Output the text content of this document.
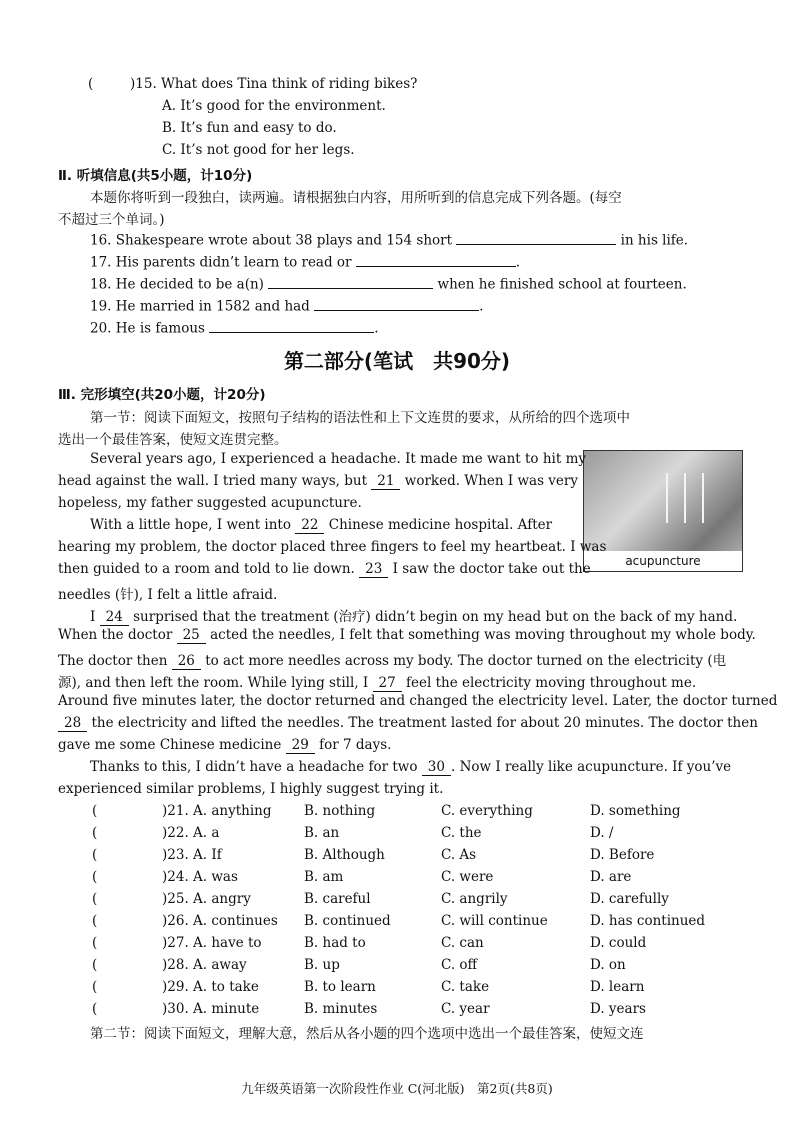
(	)15. What does Tina think of riding bikes?
A. It’s good for the environment.
B. It’s fun and easy to do.
C. It’s not good for her legs.
Ⅱ. 听填信息(共5小题，计10分)
本题你将听到一段独白，读两遍。请根据独白内容，用所听到的信息完成下列各题。(每空
不超过三个单词。)
16. Shakespeare wrote about 38 plays and 154 short	in his life.
17. His parents didn’t learn to read or	.
18. He decided to be a(n)	when he finished school at fourteen.
19. He married in 1582 and had	.
20. He is famous	.
第二部分(笔试　共90分)
Ⅲ. 完形填空(共20小题，计20分)
第一节：阅读下面短文，按照句子结构的语法性和上下文连贯的要求，从所给的四个选项中
选出一个最佳答案，使短文连贯完整。
acupuncture
Several years ago, I experienced a headache. It made me want to hit my
head against the wall. I tried many ways, but 21 worked. When I was very
hopeless, my father suggested acupuncture.
With a little hope, I went into 22 Chinese medicine hospital. After
hearing my problem, the doctor placed three fingers to feel my heartbeat. I was
then guided to a room and told to lie down. 23 I saw the doctor take out the
needles (针), I felt a little afraid.
I 24 surprised that the treatment (治疗) didn’t begin on my head but on the back of my hand.
When the doctor 25 acted the needles, I felt that something was moving throughout my whole body.
The doctor then 26 to act more needles across my body. The doctor turned on the electricity (电
源), and then left the room. While lying still, I 27 feel the electricity moving throughout me.
Around five minutes later, the doctor returned and changed the electricity level. Later, the doctor turned
28 the electricity and lifted the needles. The treatment lasted for about 20 minutes. The doctor then
gave me some Chinese medicine 29 for 7 days.
Thanks to this, I didn’t have a headache for two 30 . Now I really like acupuncture. If you’ve
experienced similar problems, I highly suggest trying it.
(	)21. A. anything B. nothing	C. everything	D. something
(	)22. A. a	B. an	C. the	D. /
(	)23. A. If	B. Although	C. As	D. Before
(	)24. A. was	B. am	C. were	D. are
(	)25. A. angry	B. careful	C. angrily	D. carefully
(	)26. A. continues B. continued	C. will continue	D. has continued
(	)27. A. have to	B. had to	C. can	D. could
(	)28. A. away	B. up	C. off	D. on
(	)29. A. to take	B. to learn	C. take	D. learn
(	)30. A. minute	B. minutes	C. year	D. years
第二节：阅读下面短文，理解大意，然后从各小题的四个选项中选出一个最佳答案，使短文连
九年级英语第一次阶段性作业 C(河北版)　第2页(共8页)
